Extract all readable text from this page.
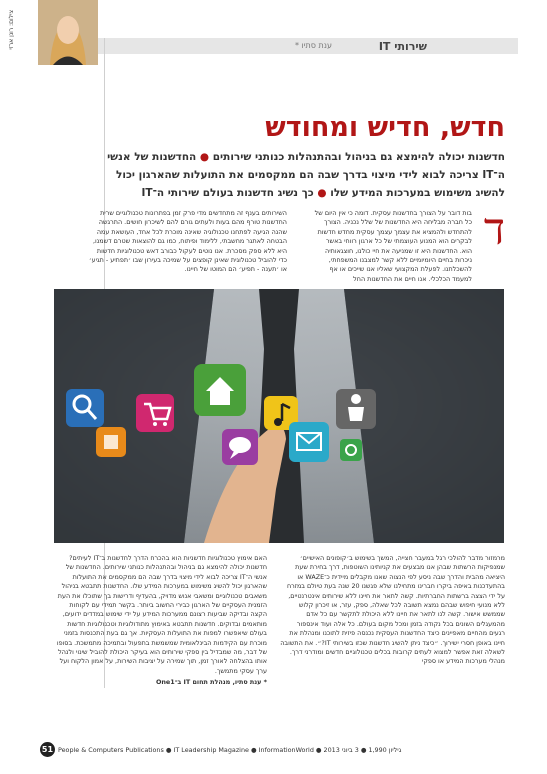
שירותי IT
ענת סתיו *
צילום: רונן ארזי
חדש, חדיש ומחודש
חדשנות יכולה להימצא גם בניהול ובהתנהלות כנותני שירותים ● החדשנות של אנשי ה־IT צריכה לבוא לידי מיצוי בדרך שבה הם ממקסמים את התועלות שהארגון יכול להשיג משימוש במערכות המידע שלו ● כך נשיג חדשנות בעולם שירותי ה־IT
ד
בות דובר על הצורך בחדשנות עסקית. דומה כי אין היום של כל חברה מבליחה היא החדשנות של שלל נכניה. הצורך להתחדש ולהמציא את עצמך עצמך עסקית מחדש חדשות לבקרים הוא המנוע העוצמתי של כל ארגון רווחי באשר הוא. החדשנות היא זו שמניעה את חיי כולנו, חוצגאותיה ניכרות בחיים היומיומיים ללא קשר למצבנו המשפחתי, להשכלתנו. לפעלת המקצועי שאליו אנו שייכים או אף למעמד הכלכלי. אנו חיים את החדשנות החל
השירותים בענף זה מתחדשים מדי פרק זמן בפתרונות טכנולוגיים שרית החדשנות טורף מהם בעות ולעתים גורם להם לשיכרון חושים. התרגשה שהנה הגיעה לפתחנו טכנולוגיה שאינה מוכרת לכל אחד, העושאת עמה הבטחה לאתגר מחשבתי, ללימוד ופיתוח, כמו גם להוצאות שטרם דשמנו, היא ללא ספק מסכרת. אנו נוטים לעקול כבורב דאש טכנולוגיות חדשות כדי להוביל טכנולוגית שאינן קופצים על שמיכה בעירון שבו ׳תפתיע - תגיע׳ או ׳תענה - תפיע׳ הם המוטו של חיינו.
מרמזור מדבר להולכי רגל במעבר חצייה, המשך בשימוש ב׳קופונים האישיים׳ שמנפיקות הרשתות שבהן אנו מבצעים את קניותינו השוטפות, דרך בחירת שעת היציאה מהבית והדרך שבה ניסע לפי הנצוה שאנו מקבלים מיידית כ־WAZE או בהתעדכנות באיפה ביקרו חברינו מתחילנו שלא פגשנו 20 שנה בעת טיולם במזרח על ידי הצצה ברשתות החברתיות. קשה לתאר את חיינו ללא שירותים אינטרנטיים, ללא מנועי חיפוש שבהם נמצא תשובה לכל שאלה, ספק, עזר, או זיכרון קלוש שממשש אישור. קשה לנו לתאר את חיינו ללא היכולת לתקשר עם כל אדם מהמעגלים השונים בכל נקודה בזמן ומכל מקום בעולם. כל אלה ועוד אינספור רגעים מהחיים מאפיינים כיצד החדשנות העסקית נכנסה פיזית לתוכנו ומנהלת את חיינו באופן חסרי ישירוך. ״כיצד ניתן להשיג חדשנות שכזו בשירותי IT?״. את התשובה לשאלה זאת אפשר למצוא לעתים קרובות בכלים טכנולוגיים חדשים ומודרני דרך. מנהלי מערכות המידע או ספקי
האם אימוץ טכנולוגיות חדשניות הוא בהכרח הדרך לחדשנות ב־IT לעיתים? חדשנות יכולה להימצא גם בניהול ובהתנהלות כנותני שירותים. החדשנות של אנשי ה־IT צריכה לבוא לידי מיצוי בדרך שבה הם ממקסמים את התועלות שהארגון יכול להשיג משימוש במערכות המידע שלו. החדשנות תתבטא בניהול משאבים טכנולוגיים ומשאבי אנוש מדויק, בהעדיף ודרישות בך שתוכלו את העת הזמנית העסקיים של הארגון כבירי החשוב ביותר. בקשר תמידי עם לקוחות הקצה ובדיקה שביעות רצונם ממערכות המידע על ידי שימוש במדדים ידועים, מותאמים ובדוקים. חדשנות תתבטא באימוץ מתודולוגיות וטכנולוגיות חדשות בעולם שיאפשרו למפות את התועלות העסקיות. אך גם בעת התכנסות בזמני מוכרת עם הקידמות הבינלאומית שמשמשת בתפעול ובתמיכה מתמשכת. בסופו של דבר, מה שמבדיל בין ספקי שירותים הוא בעיקר היכולת להוביל שינוי ולנהל אותו בהצלחה לאורך זמן, תוך שמירה על יציבות השירות, על אמון הלקוח ועל ערך עסקי מתמשך.
* ענת סתיו, מנהלת תחום IT ב־One1
51 People & Computers Publications ● IT Leadership Magazine ● InformationWorld ● 2013 גיליון 1,990 ● 3 ביוני
